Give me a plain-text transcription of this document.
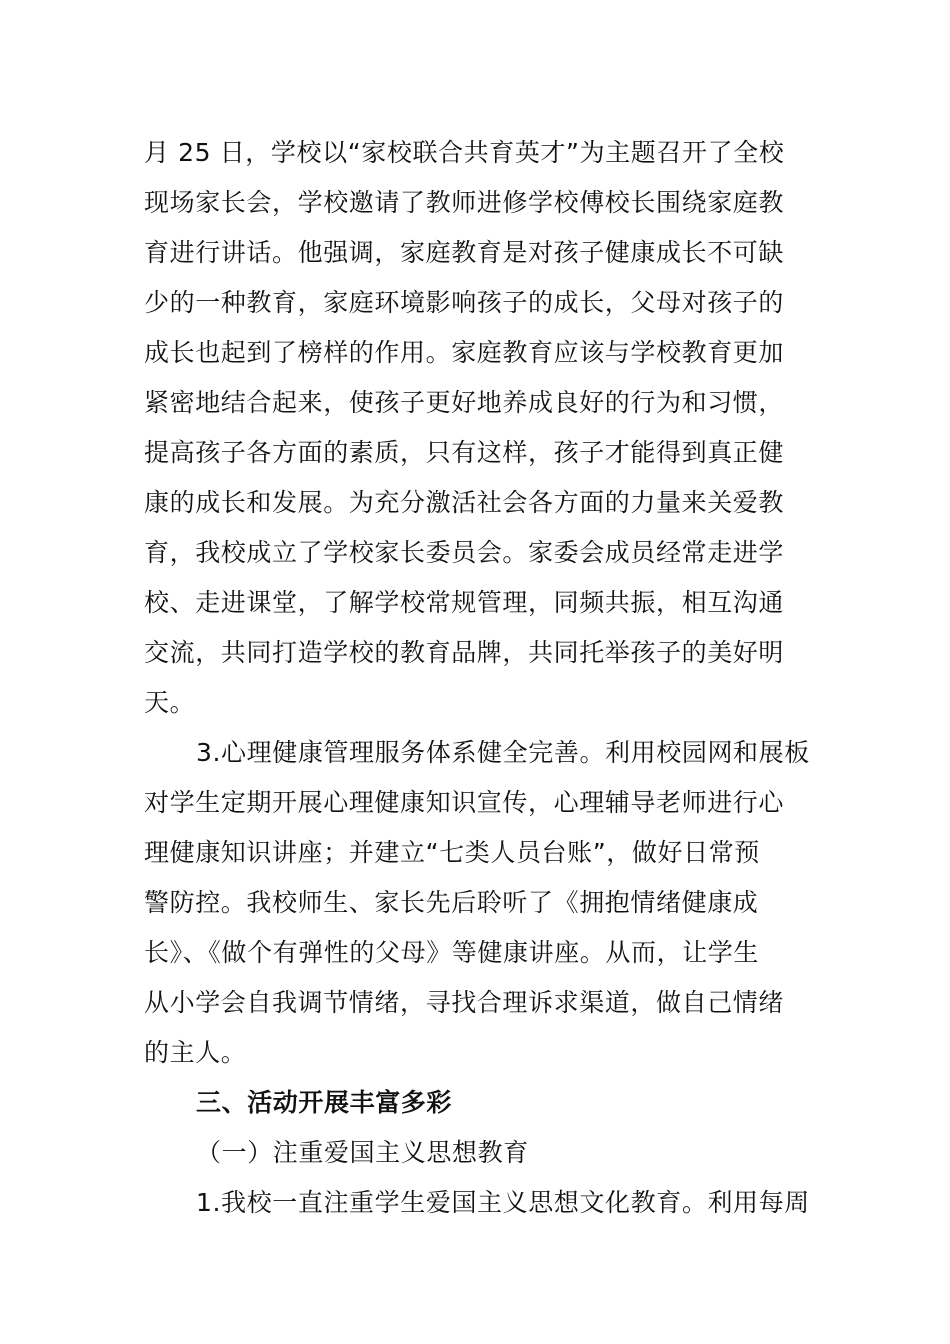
月 25 日，学校以“家校联合共育英才”为主题召开了全校
现场家长会，学校邀请了教师进修学校傅校长围绕家庭教
育进行讲话。他强调，家庭教育是对孩子健康成长不可缺
少的一种教育，家庭环境影响孩子的成长，父母对孩子的
成长也起到了榜样的作用。家庭教育应该与学校教育更加
紧密地结合起来，使孩子更好地养成良好的行为和习惯，
提高孩子各方面的素质，只有这样，孩子才能得到真正健
康的成长和发展。为充分激活社会各方面的力量来关爱教
育，我校成立了学校家长委员会。家委会成员经常走进学
校、走进课堂，了解学校常规管理，同频共振，相互沟通
交流，共同打造学校的教育品牌，共同托举孩子的美好明
天。
3.心理健康管理服务体系健全完善。利用校园网和展板
对学生定期开展心理健康知识宣传，心理辅导老师进行心
理健康知识讲座；并建立“七类人员台账”，做好日常预
警防控。我校师生、家长先后聆听了《拥抱情绪健康成
长》、《做个有弹性的父母》等健康讲座。从而，让学生
从小学会自我调节情绪，寻找合理诉求渠道，做自己情绪
的主人。
三、活动开展丰富多彩
（一）注重爱国主义思想教育
1.我校一直注重学生爱国主义思想文化教育。利用每周
